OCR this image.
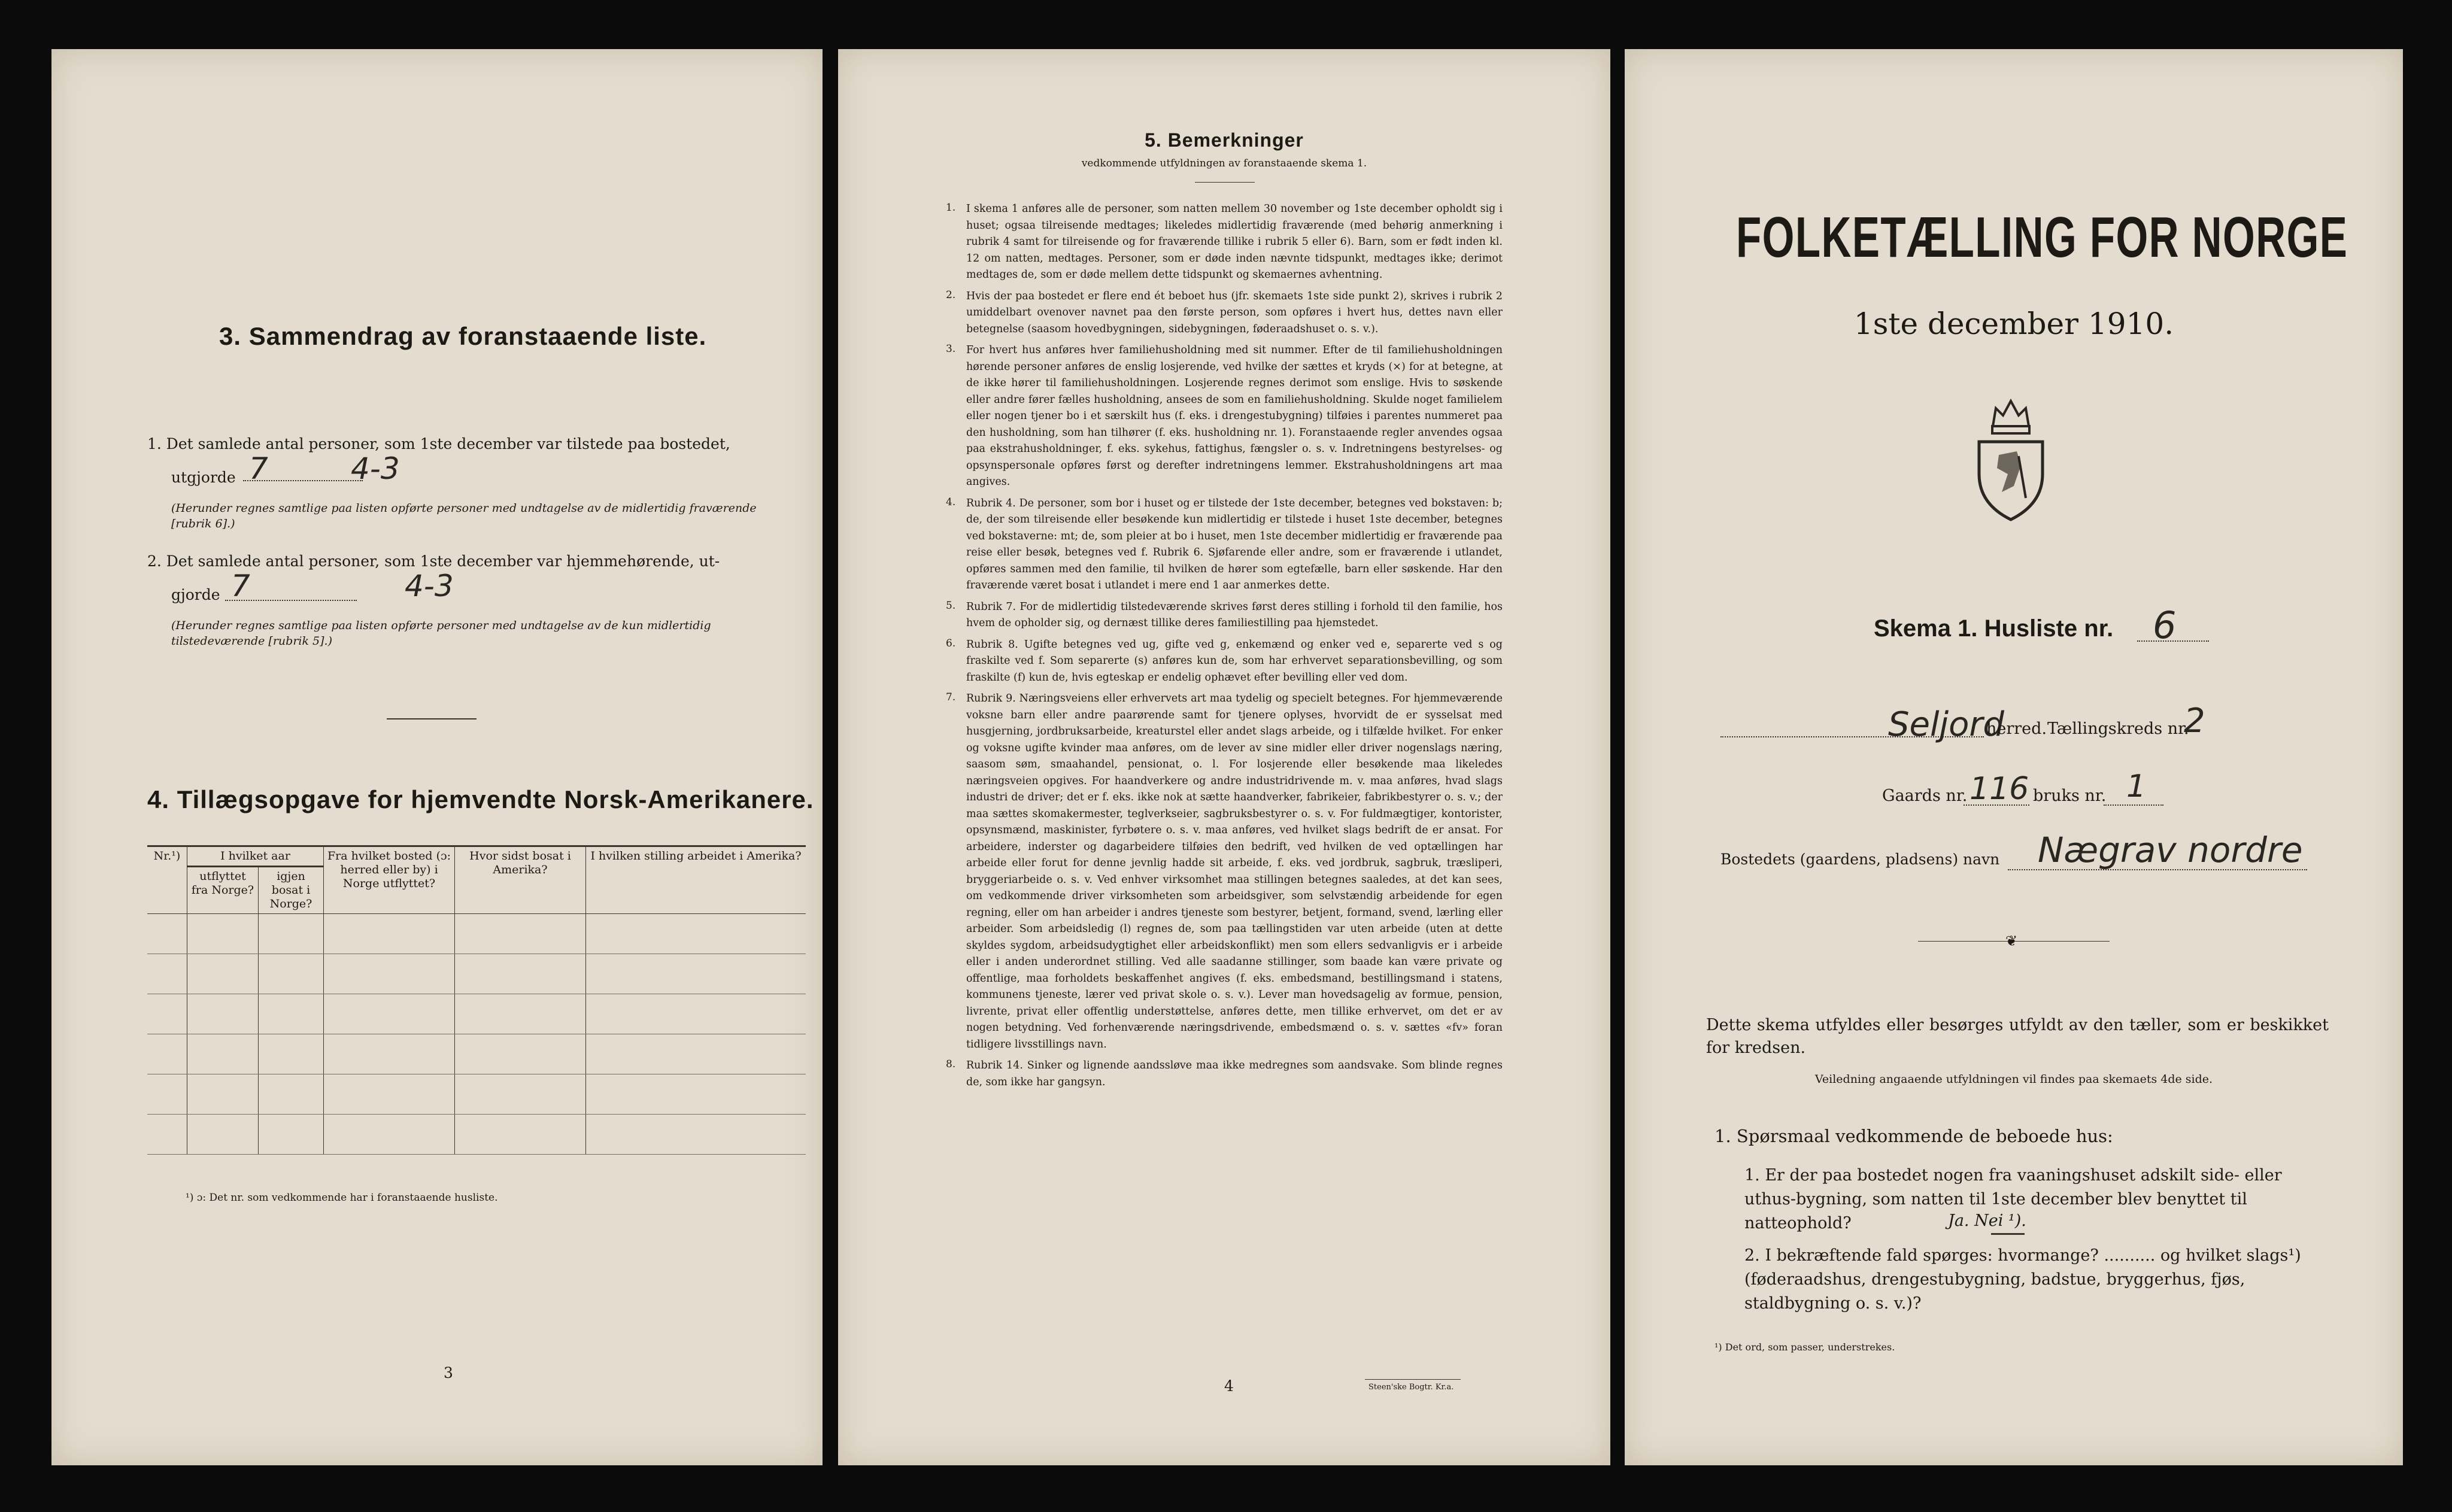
3. Sammendrag av foranstaaende liste.
1. Det samlede antal personer, som 1ste december var tilstede paa bostedet,
utgjorde 7	4-3
(Herunder regnes samtlige paa listen opførte personer med undtagelse av de midlertidig fraværende [rubrik 6].)
2. Det samlede antal personer, som 1ste december var hjemmehørende, ut-
gjorde 7	4-3
(Herunder regnes samtlige paa listen opførte personer med undtagelse av de kun midlertidig tilstedeværende [rubrik 5].)
4. Tillægsopgave for hjemvendte Norsk-Amerikanere.
Nr.¹)	I hvilket aar		Fra hvilket bosted (ɔ: herred eller by) i Norge utflyttet?	Hvor sidst bosat i Amerika?	I hvilken stilling arbeidet i Amerika?
	utflyttet fra Norge?	igjen bosat i Norge?			

¹) ɔ: Det nr. som vedkommende har i foranstaaende husliste.
3
5. Bemerkninger
vedkommende utfyldningen av foranstaaende skema 1.
1.	I skema 1 anføres alle de personer, som natten mellem 30 november og 1ste december opholdt sig i huset; ogsaa tilreisende medtages; likeledes midlertidig fraværende (med behørig anmerkning i rubrik 4 samt for tilreisende og for fraværende tillike i rubrik 5 eller 6). Barn, som er født inden kl. 12 om natten, medtages. Personer, som er døde inden nævnte tidspunkt, medtages ikke; derimot medtages de, som er døde mellem dette tidspunkt og skemaernes avhentning.
2.	Hvis der paa bostedet er flere end ét beboet hus (jfr. skemaets 1ste side punkt 2), skrives i rubrik 2 umiddelbart ovenover navnet paa den første person, som opføres i hvert hus, dettes navn eller betegnelse (saasom hovedbygningen, sidebygningen, føderaadshuset o. s. v.).
3.	For hvert hus anføres hver familiehusholdning med sit nummer. Efter de til familiehusholdningen hørende personer anføres de enslig losjerende, ved hvilke der sættes et kryds (×) for at betegne, at de ikke hører til familiehusholdningen. Losjerende regnes derimot som enslige. Hvis to søskende eller andre fører fælles husholdning, ansees de som en familiehusholdning. Skulde noget familielem eller nogen tjener bo i et særskilt hus (f. eks. i drengestubygning) tilføies i parentes nummeret paa den husholdning, som han tilhører (f. eks. husholdning nr. 1). Foranstaaende regler anvendes ogsaa paa ekstrahusholdninger, f. eks. sykehus, fattighus, fængsler o. s. v. Indretningens bestyrelses- og opsynspersonale opføres først og derefter indretningens lemmer. Ekstrahusholdningens art maa angives.
4.	Rubrik 4. De personer, som bor i huset og er tilstede der 1ste december, betegnes ved bokstaven: b; de, der som tilreisende eller besøkende kun midlertidig er tilstede i huset 1ste december, betegnes ved bokstaverne: mt; de, som pleier at bo i huset, men 1ste december midlertidig er fraværende paa reise eller besøk, betegnes ved f. Rubrik 6. Sjøfarende eller andre, som er fraværende i utlandet, opføres sammen med den familie, til hvilken de hører som egtefælle, barn eller søskende. Har den fraværende været bosat i utlandet i mere end 1 aar anmerkes dette.
5.	Rubrik 7. For de midlertidig tilstedeværende skrives først deres stilling i forhold til den familie, hos hvem de opholder sig, og dernæst tillike deres familiestilling paa hjemstedet.
6.	Rubrik 8. Ugifte betegnes ved ug, gifte ved g, enkemænd og enker ved e, separerte ved s og fraskilte ved f. Som separerte (s) anføres kun de, som har erhvervet separationsbevilling, og som fraskilte (f) kun de, hvis egteskap er endelig ophævet efter bevilling eller ved dom.
7.	Rubrik 9. Næringsveiens eller erhvervets art maa tydelig og specielt betegnes. For hjemmeværende voksne barn eller andre paarørende samt for tjenere oplyses, hvorvidt de er sysselsat med husgjerning, jordbruksarbeide, kreaturstel eller andet slags arbeide, og i tilfælde hvilket. For enker og voksne ugifte kvinder maa anføres, om de lever av sine midler eller driver nogenslags næring, saasom søm, smaahandel, pensionat, o. l. For losjerende eller besøkende maa likeledes næringsveien opgives. For haandverkere og andre industridrivende m. v. maa anføres, hvad slags industri de driver; det er f. eks. ikke nok at sætte haandverker, fabrikeier, fabrikbestyrer o. s. v.; der maa sættes skomakermester, teglverkseier, sagbruksbestyrer o. s. v. For fuldmægtiger, kontorister, opsynsmænd, maskinister, fyrbøtere o. s. v. maa anføres, ved hvilket slags bedrift de er ansat. For arbeidere, inderster og dagarbeidere tilføies den bedrift, ved hvilken de ved optællingen har arbeide eller forut for denne jevnlig hadde sit arbeide, f. eks. ved jordbruk, sagbruk, træsliperi, bryggeriarbeide o. s. v. Ved enhver virksomhet maa stillingen betegnes saaledes, at det kan sees, om vedkommende driver virksomheten som arbeidsgiver, som selvstændig arbeidende for egen regning, eller om han arbeider i andres tjeneste som bestyrer, betjent, formand, svend, lærling eller arbeider. Som arbeidsledig (l) regnes de, som paa tællingstiden var uten arbeide (uten at dette skyldes sygdom, arbeidsudygtighet eller arbeidskonflikt) men som ellers sedvanligvis er i arbeide eller i anden underordnet stilling. Ved alle saadanne stillinger, som baade kan være private og offentlige, maa forholdets beskaffenhet angives (f. eks. embedsmand, bestillingsmand i statens, kommunens tjeneste, lærer ved privat skole o. s. v.). Lever man hovedsagelig av formue, pension, livrente, privat eller offentlig understøttelse, anføres dette, men tillike erhvervet, om det er av nogen betydning. Ved forhenværende næringsdrivende, embedsmænd o. s. v. sættes «fv» foran tidligere livsstillings navn.
8.	Rubrik 14. Sinker og lignende aandssløve maa ikke medregnes som aandsvake. Som blinde regnes de, som ikke har gangsyn.
4	Steen'ske Bogtr. Kr.a.
FOLKETÆLLING FOR NORGE
1ste december 1910.
Skema 1. Husliste nr. 6
Seljord
herred. Tællingskreds nr.
2
Gaards nr. 116 bruks nr. 1
Bostedets (gaardens, pladsens) navn Nægrav nordre
❦
Dette skema utfyldes eller besørges utfyldt av den tæller, som er beskikket for kredsen.
Veiledning angaaende utfyldningen vil findes paa skemaets 4de side.
1. Spørsmaal vedkommende de beboede hus:
1. Er der paa bostedet nogen fra vaaningshuset adskilt side- eller uthus-bygning, som natten til 1ste december blev benyttet til natteophold?	Ja. Nei ¹).
2. I bekræftende fald spørges: hvormange? .......... og hvilket slags¹) (føderaadshus, drengestubygning, badstue, bryggerhus, fjøs, staldbygning o. s. v.)?
¹) Det ord, som passer, understrekes.
